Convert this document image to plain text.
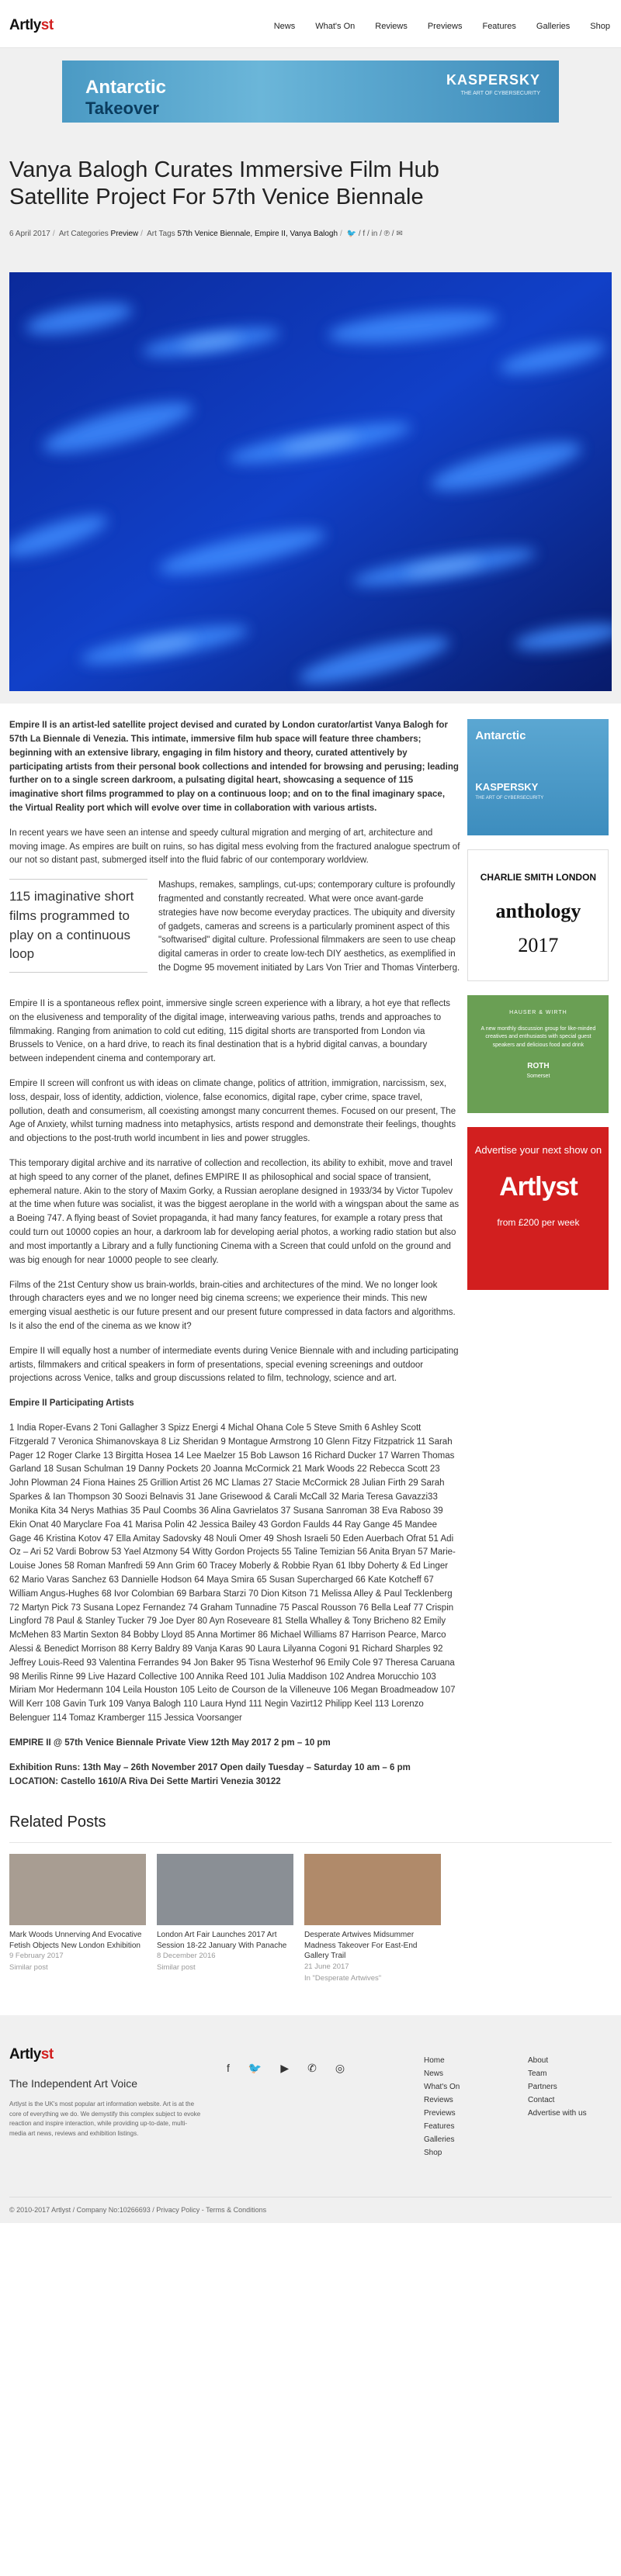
Artlyst	News What's On Reviews Previews Features Galleries Shop
Antarctic
Takeover
KASPERSKY
THE ART OF CYBERSECURITY
Vanya Balogh Curates Immersive Film Hub Satellite Project For 57th Venice Biennale
6 April 2017 / Art Categories Preview / Art Tags 57th Venice Biennale, Empire II, Vanya Balogh / 🐦 / f / in / ℗ / ✉

Empire II is an artist-led satellite project devised and curated by London curator/artist Vanya Balogh for 57th La Biennale di Venezia. This intimate, immersive film hub space will feature three chambers; beginning with an extensive library, engaging in film history and theory, curated attentively by participating artists from their personal book collections and intended for browsing and perusing; leading further on to a single screen darkroom, a pulsating digital heart, showcasing a sequence of 115 imaginative short films programmed to play on a continuous loop; and on to the final imaginary space, the Virtual Reality port which will evolve over time in collaboration with various artists.

In recent years we have seen an intense and speedy cultural migration and merging of art, architecture and moving image. As empires are built on ruins, so has digital mess evolving from the fractured analogue spectrum of our not so distant past, submerged itself into the fluid fabric of our contemporary worldview.

115 imaginative short films programmed to play on a continuous loop

Mashups, remakes, samplings, cut-ups; contemporary culture is profoundly fragmented and constantly recreated. What were once avant-garde strategies have now become everyday practices. The ubiquity and diversity of gadgets, cameras and screens is a particularly prominent aspect of this "softwarised" digital culture. Professional filmmakers are seen to use cheap digital cameras in order to create low-tech DIY aesthetics, as exemplified in the Dogme 95 movement initiated by Lars Von Trier and Thomas Vinterberg.

Empire II is a spontaneous reflex point, immersive single screen experience with a library, a hot eye that reflects on the elusiveness and temporality of the digital image, interweaving various paths, trends and approaches to filmmaking. Ranging from animation to cold cut editing, 115 digital shorts are transported from London via Brussels to Venice, on a hard drive, to reach its final destination that is a hybrid digital canvas, a boundary between independent cinema and contemporary art.

Empire II screen will confront us with ideas on climate change, politics of attrition, immigration, narcissism, sex, loss, despair, loss of identity, addiction, violence, false economics, digital rape, cyber crime, space travel, pollution, death and consumerism, all coexisting amongst many concurrent themes. Focused on our present, The Age of Anxiety, whilst turning madness into metaphysics, artists respond and demonstrate their feelings, thoughts and objections to the post-truth world incumbent in lies and power struggles.

This temporary digital archive and its narrative of collection and recollection, its ability to exhibit, move and travel at high speed to any corner of the planet, defines EMPIRE II as philosophical and social space of transient, ephemeral nature. Akin to the story of Maxim Gorky, a Russian aeroplane designed in 1933/34 by Victor Tupolev at the time when future was socialist, it was the biggest aeroplane in the world with a wingspan about the same as a Boeing 747. A flying beast of Soviet propaganda, it had many fancy features, for example a rotary press that could turn out 10000 copies an hour, a darkroom lab for developing aerial photos, a working radio station but also and most importantly a Library and a fully functioning Cinema with a Screen that could unfold on the ground and was big enough for near 10000 people to see clearly.

Films of the 21st Century show us brain-worlds, brain-cities and architectures of the mind. We no longer look through characters eyes and we no longer need big cinema screens; we experience their minds. This new emerging visual aesthetic is our future present and our present future compressed in data factors and algorithms. Is it also the end of the cinema as we know it?

Empire II will equally host a number of intermediate events during Venice Biennale with and including participating artists, filmmakers and critical speakers in form of presentations, special evening screenings and outdoor projections across Venice, talks and group discussions related to film, technology, science and art.

Empire II Participating Artists

1 India Roper-Evans 2 Toni Gallagher 3 Spizz Energi 4 Michal Ohana Cole 5 Steve Smith 6 Ashley Scott Fitzgerald 7 Veronica Shimanovskaya 8 Liz Sheridan 9 Montague Armstrong 10 Glenn Fitzy Fitzpatrick 11 Sarah Pager 12 Roger Clarke 13 Birgitta Hosea 14 Lee Maelzer 15 Bob Lawson 16 Richard Ducker 17 Warren Thomas Garland 18 Susan Schulman 19 Danny Pockets 20 Joanna McCormick 21 Mark Woods 22 Rebecca Scott 23 John Plowman 24 Fiona Haines 25 Grillion Artist 26 MC Llamas 27 Stacie McCormick 28 Julian Firth 29 Sarah Sparkes & Ian Thompson 30 Soozi Belnavis 31 Jane Grisewood & Carali McCall 32 Maria Teresa Gavazzi33 Monika Kita 34 Nerys Mathias 35 Paul Coombs 36 Alina Gavrielatos 37 Susana Sanroman 38 Eva Raboso 39 Ekin Onat 40 Maryclare Foa 41 Marisa Polin 42 Jessica Bailey 43 Gordon Faulds 44 Ray Gange 45 Mandee Gage 46 Kristina Kotov 47 Ella Amitay Sadovsky 48 Nouli Omer 49 Shosh Israeli 50 Eden Auerbach Ofrat 51 Adi Oz – Ari 52 Vardi Bobrow 53 Yael Atzmony 54 Witty Gordon Projects 55 Taline Temizian 56 Anita Bryan 57 Marie-Louise Jones 58 Roman Manfredi 59 Ann Grim 60 Tracey Moberly & Robbie Ryan 61 Ibby Doherty & Ed Linger 62 Mario Varas Sanchez 63 Dannielle Hodson 64 Maya Smira 65 Susan Supercharged 66 Kate Kotcheff 67 William Angus-Hughes 68 Ivor Colombian 69 Barbara Starzi 70 Dion Kitson 71 Melissa Alley & Paul Tecklenberg 72 Martyn Pick 73 Susana Lopez Fernandez 74 Graham Tunnadine 75 Pascal Rousson 76 Bella Leaf 77 Crispin Lingford 78 Paul & Stanley Tucker 79 Joe Dyer 80 Ayn Roseveare 81 Stella Whalley & Tony Bricheno 82 Emily McMehen 83 Martin Sexton 84 Bobby Lloyd 85 Anna Mortimer 86 Michael Williams 87 Harrison Pearce, Marco Alessi & Benedict Morrison 88 Kerry Baldry 89 Vanja Karas 90 Laura Lilyanna Cogoni 91 Richard Sharples 92 Jeffrey Louis-Reed 93 Valentina Ferrandes 94 Jon Baker 95 Tisna Westerhof 96 Emily Cole 97 Theresa Caruana 98 Merilis Rinne 99 Live Hazard Collective 100 Annika Reed 101 Julia Maddison 102 Andrea Morucchio 103 Miriam Mor Hedermann 104 Leila Houston 105 Leito de Courson de la Villeneuve 106 Megan Broadmeadow 107 Will Kerr 108 Gavin Turk 109 Vanya Balogh 110 Laura Hynd 111 Negin Vazirt12 Philipp Keel 113 Lorenzo Belenguer 114 Tomaz Kramberger 115 Jessica Voorsanger

EMPIRE II @ 57th Venice Biennale Private View 12th May 2017 2 pm – 10 pm

Exhibition Runs: 13th May – 26th November 2017 Open daily Tuesday – Saturday 10 am – 6 pm LOCATION: Castello 1610/A Riva Dei Sette Martiri Venezia 30122

Antarctic
KASPERSKY
THE ART OF CYBERSECURITY
CHARLIE SMITH LONDON
anthology
2017
HAUSER & WIRTH
A new monthly discussion group for like-minded creatives and enthusiasts with special guest speakers and delicious food and drink
ROTH
Somerset
Advertise your next show on
Artlyst
from £200 per week
Related Posts
Mark Woods Unnerving And Evocative Fetish Objects New London Exhibition
9 February 2017
Similar post
London Art Fair Launches 2017 Art Session 18-22 January With Panache
8 December 2016
Similar post
Desperate Artwives Midsummer Madness Takeover For East-End Gallery Trail
21 June 2017
In "Desperate Artwives"
Artlyst
The Independent Art Voice
Artlyst is the UK's most popular art information website. Art is at the core of everything we do. We demystify this complex subject to evoke reaction and inspire interaction, while providing up-to-date, multi-media art news, reviews and exhibition listings.
f 🐦 ▶ ✆ ◎
Home
News
What's On
Reviews
Previews
Features
Galleries
Shop
About
Team
Partners
Contact
Advertise with us
© 2010-2017 Artlyst / Company No:10266693 / Privacy Policy - Terms & Conditions
